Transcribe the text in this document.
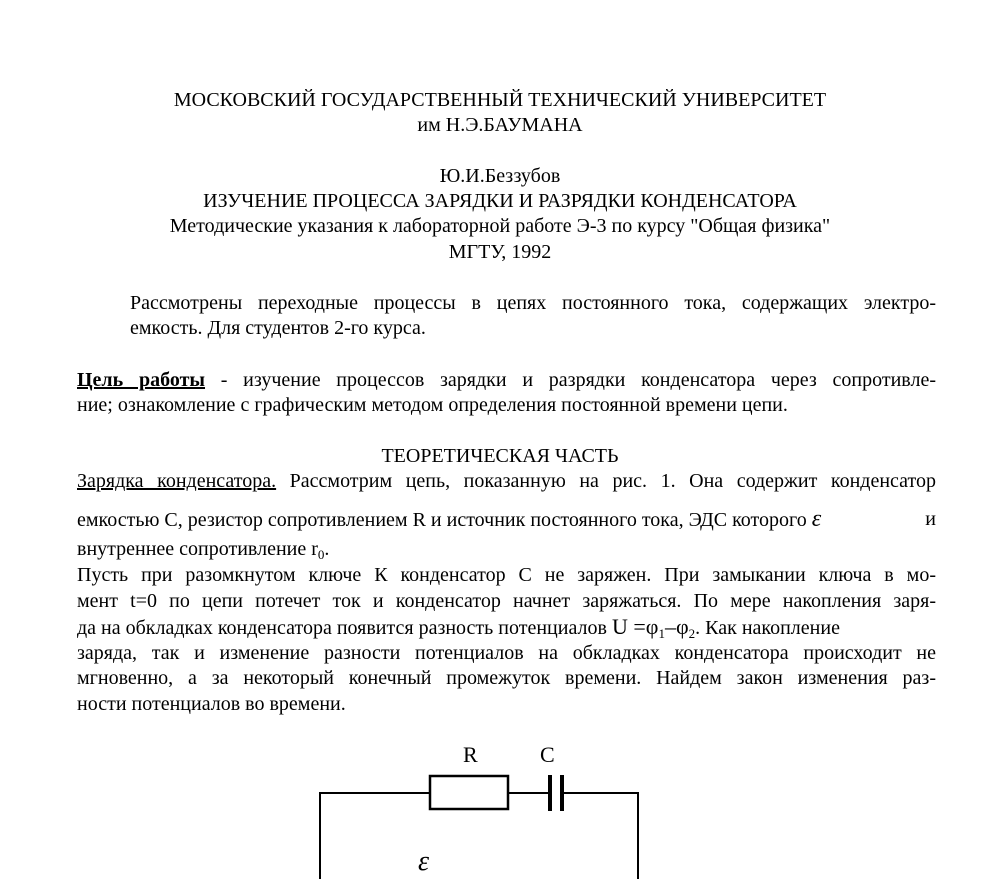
МОСКОВСКИЙ ГОСУДАРСТВЕННЫЙ ТЕХНИЧЕСКИЙ УНИВЕРСИТЕТ
им Н.Э.БАУМАНА
Ю.И.Беззубов
ИЗУЧЕНИЕ ПРОЦЕССА ЗАРЯДКИ И РАЗРЯДКИ КОНДЕНСАТОРА
Методические указания к лабораторной работе Э-3 по курсу "Общая физика"
МГТУ, 1992
Рассмотрены переходные процессы в цепях постоянного тока, содержащих электро-
емкость. Для студентов 2-го курса.
Цель работы - изучение процессов зарядки и разрядки конденсатора через сопротивле-
ние; ознакомление с графическим методом определения постоянной времени цепи.
ТЕОРЕТИЧЕСКАЯ ЧАСТЬ
Зарядка конденсатора. Рассмотрим цепь, показанную на рис. 1. Она содержит конденсатор
емкостью С, резистор сопротивлением R и источник постоянного тока, ЭДС которого ε	и
внутреннее сопротивление $r_0$.
Пусть при разомкнутом ключе К конденсатор С не заряжен. При замыкании ключа в мо-
мент t=0 по цепи потечет ток и конденсатор начнет заряжаться. По мере накопления заря-
да на обкладках конденсатора появится разность потенциалов $U =\varphi_1-\varphi_2$. Как накопление
заряда, так и изменение разности потенциалов на обкладках конденсатора происходит не
мгновенно, а за некоторый конечный промежуток времени. Найдем закон изменения раз-
ности потенциалов во времени.
R	C
ε
